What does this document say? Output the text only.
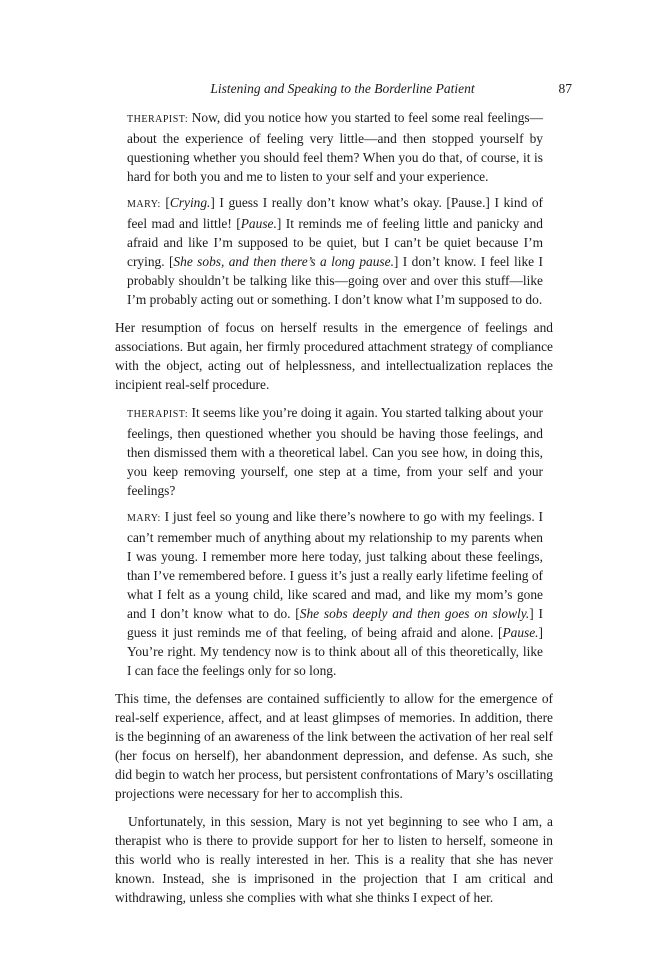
Listening and Speaking to the Borderline Patient	87

THERAPIST: Now, did you notice how you started to feel some real feelings—about the experience of feeling very little—and then stopped yourself by questioning whether you should feel them? When you do that, of course, it is hard for both you and me to listen to your self and your experience.

MARY: [Crying.] I guess I really don’t know what’s okay. [Pause.] I kind of feel mad and little! [Pause.] It reminds me of feeling little and panicky and afraid and like I’m supposed to be quiet, but I can’t be quiet because I’m crying. [She sobs, and then there’s a long pause.] I don’t know. I feel like I probably shouldn’t be talking like this—going over and over this stuff—like I’m probably acting out or something. I don’t know what I’m supposed to do.

Her resumption of focus on herself results in the emergence of feelings and associations. But again, her firmly procedured attachment strategy of compliance with the object, acting out of helplessness, and intellectualization replaces the incipient real-self procedure.

THERAPIST: It seems like you’re doing it again. You started talking about your feelings, then questioned whether you should be having those feelings, and then dismissed them with a theoretical label. Can you see how, in doing this, you keep removing yourself, one step at a time, from your self and your feelings?

MARY: I just feel so young and like there’s nowhere to go with my feelings. I can’t remember much of anything about my relationship to my parents when I was young. I remember more here today, just talking about these feelings, than I’ve remembered before. I guess it’s just a really early lifetime feeling of what I felt as a young child, like scared and mad, and like my mom’s gone and I don’t know what to do. [She sobs deeply and then goes on slowly.] I guess it just reminds me of that feeling, of being afraid and alone. [Pause.] You’re right. My tendency now is to think about all of this theoretically, like I can face the feelings only for so long.

This time, the defenses are contained sufficiently to allow for the emergence of real-self experience, affect, and at least glimpses of memories. In addition, there is the beginning of an awareness of the link between the activation of her real self (her focus on herself), her abandonment depression, and defense. As such, she did begin to watch her process, but persistent confrontations of Mary’s oscillating projections were necessary for her to accomplish this.

Unfortunately, in this session, Mary is not yet beginning to see who I am, a therapist who is there to provide support for her to listen to herself, someone in this world who is really interested in her. This is a reality that she has never known. Instead, she is imprisoned in the projection that I am critical and withdrawing, unless she complies with what she thinks I expect of her.
